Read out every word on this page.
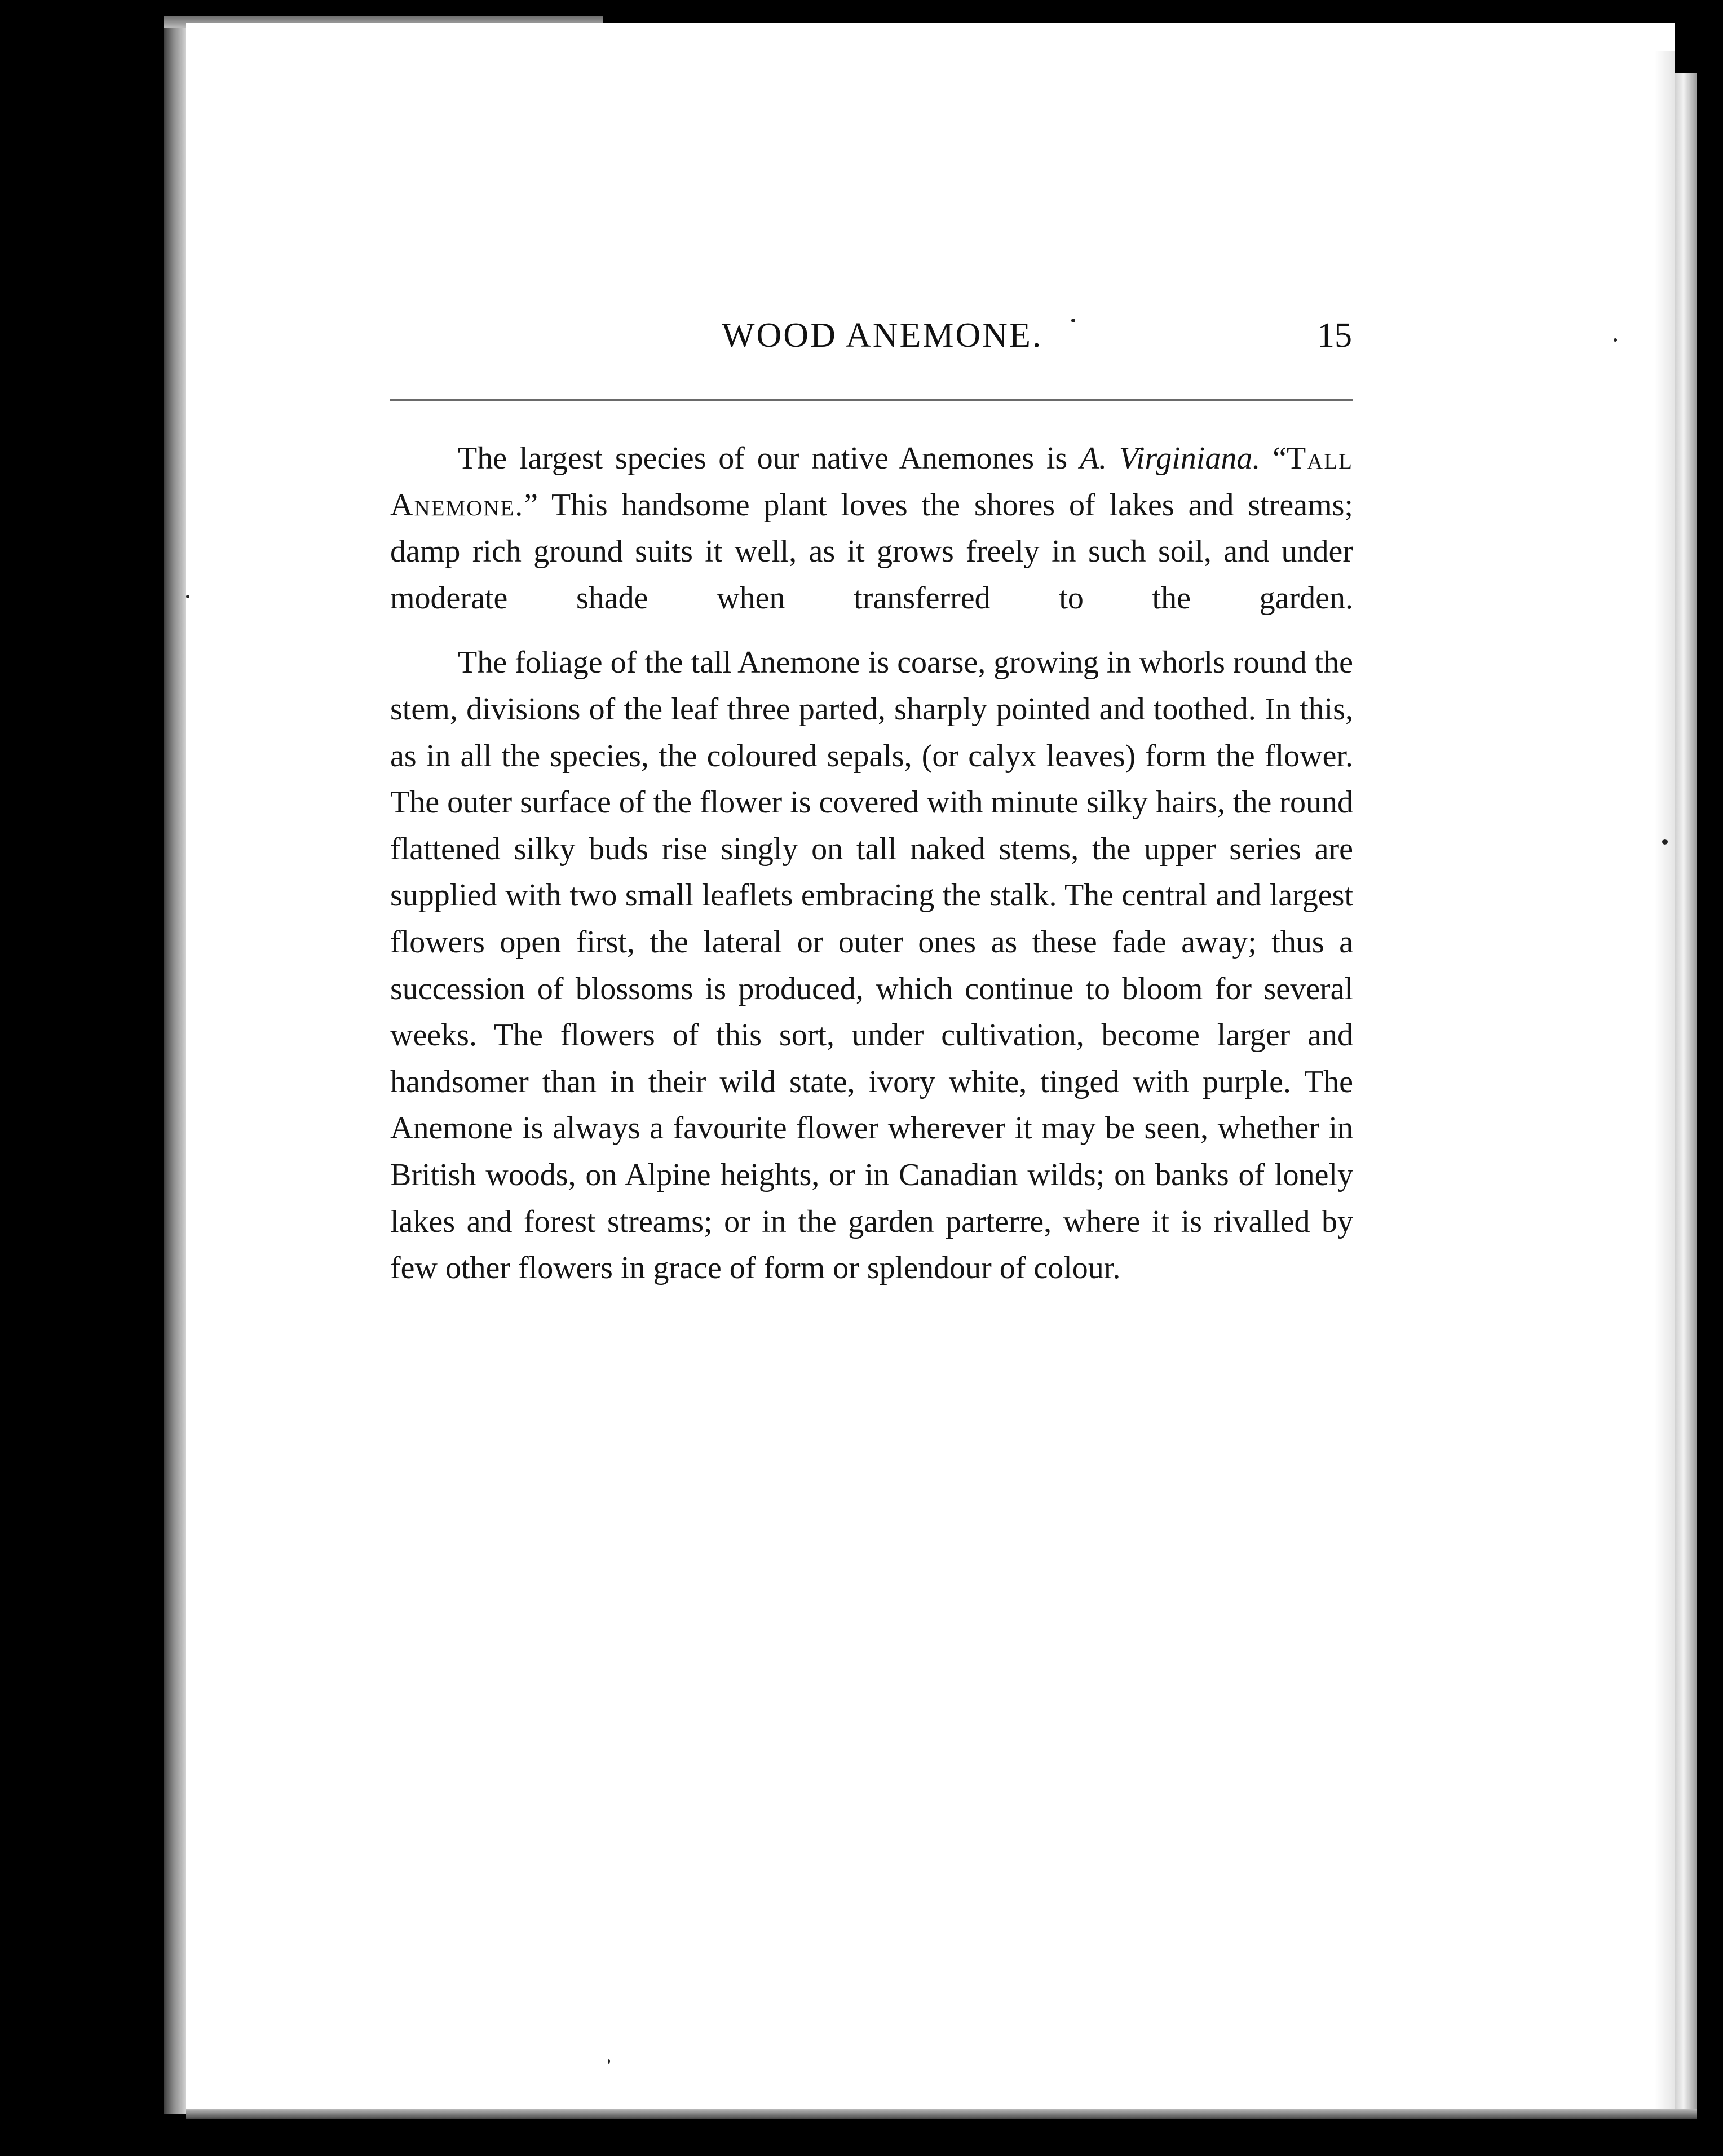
WOOD ANEMONE.	15

The largest species of our native Anemones is A. Virginiana. “Tall Anemone.” This handsome plant loves the shores of lakes and streams; damp rich ground suits it well, as it grows freely in such soil, and under moderate shade when transferred to the garden.

The foliage of the tall Anemone is coarse, growing in whorls round the stem, divisions of the leaf three parted, sharply pointed and toothed. In this, as in all the species, the coloured sepals, (or calyx leaves) form the flower. The outer surface of the flower is covered with minute silky hairs, the round flattened silky buds rise singly on tall naked stems, the upper series are supplied with two small leaflets embracing the stalk. The central and largest flowers open first, the lateral or outer ones as these fade away; thus a succession of blossoms is produced, which continue to bloom for several weeks. The flowers of this sort, under cultivation, become larger and handsomer than in their wild state, ivory white, tinged with purple. The Anemone is always a favourite flower wherever it may be seen, whether in British woods, on Alpine heights, or in Canadian wilds; on banks of lonely lakes and forest streams; or in the garden parterre, where it is rivalled by few other flowers in grace of form or splendour of colour.
